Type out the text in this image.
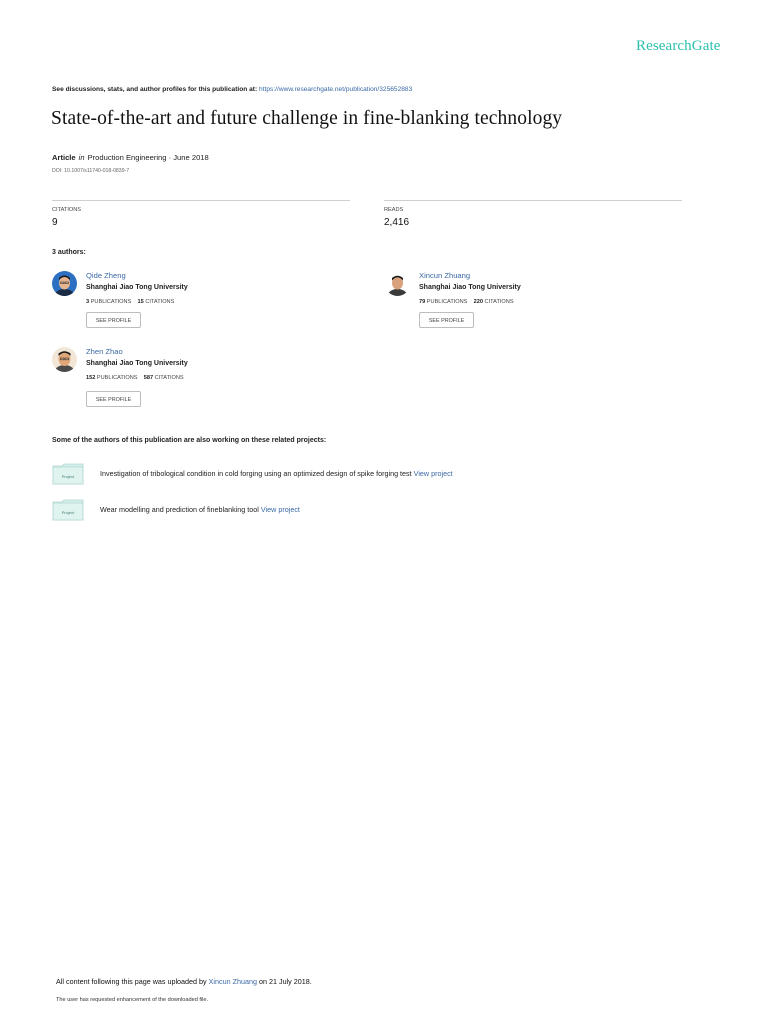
ResearchGate
See discussions, stats, and author profiles for this publication at: https://www.researchgate.net/publication/325652883
State-of-the-art and future challenge in fine-blanking technology
Article in Production Engineering · June 2018
DOI: 10.1007/s11740-018-0839-7
CITATIONS
9
READS
2,416
3 authors:
Qide Zheng
Shanghai Jiao Tong University
3 PUBLICATIONS 15 CITATIONS
SEE PROFILE
Xincun Zhuang
Shanghai Jiao Tong University
79 PUBLICATIONS 220 CITATIONS
SEE PROFILE
Zhen Zhao
Shanghai Jiao Tong University
152 PUBLICATIONS 587 CITATIONS
SEE PROFILE
Some of the authors of this publication are also working on these related projects:
Project	Investigation of tribological condition in cold forging using an optimized design of spike forging test View project
Project	Wear modelling and prediction of fineblanking tool View project
All content following this page was uploaded by Xincun Zhuang on 21 July 2018.
The user has requested enhancement of the downloaded file.
